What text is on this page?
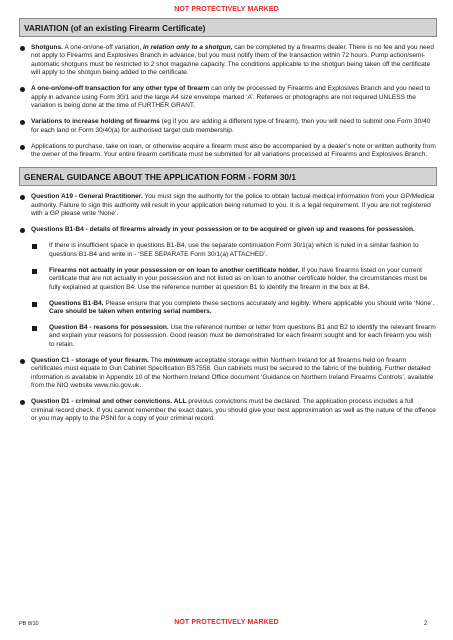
NOT PROTECTIVELY MARKED
VARIATION (of an existing Firearm Certificate)
Shotguns. A one-on/one-off variation, in relation only to a shotgun, can be completed by a firearms dealer. There is no fee and you need not apply to Firearms and Explosives Branch in advance, but you must notify them of the transaction within 72 hours. Pump action/semi-automatic shotguns must be restricted to 2 shot magazine capacity. The conditions applicable to the shotgun being taken off the certificate will apply to the shotgun being added to the certificate.
A one-on/one-off transaction for any other type of firearm can only be processed by Firearms and Explosives Branch and you need to apply in advance using Form 30/1 and the large A4 size envelope marked ‘A’. Referees or photographs are not required UNLESS the variation is being done at the time of FURTHER GRANT.
Variations to increase holding of firearms (eg if you are adding a different type of firearm), then you will need to submit one Form 30/40 for each land or Form 30/40(a) for authorised target club membership.
Applications to purchase, take on loan, or otherwise acquire a firearm must also be accompanied by a dealer’s note or written authority from the owner of the firearm. Your entire firearm certificate must be submitted for all variations processed at Firearms and Explosives Branch.
GENERAL GUIDANCE ABOUT THE APPLICATION FORM - FORM 30/1
Question A19 - General Practitioner. You must sign the authority for the police to obtain factual medical information from your GP/Medical authority. Failure to sign this authority will result in your application being returned to you. It is a legal requirement. If you are not registered with a GP please write ‘None’.
Questions B1-B4 - details of firearms already in your possession or to be acquired or given up and reasons for possession.
If there is insufficient space in questions B1-B4, use the separate continuation Form 30/1(a) which is ruled in a similar fashion to questions B1-B4 and write in - ‘SEE SEPARATE Form 30/1(a) ATTACHED’.
Firearms not actually in your possession or on loan to another certificate holder. If you have firearms listed on your current certificate that are not actually in your possession and not listed as on loan to another certificate holder, the circumstances must be fully explained at question B4. Use the reference number at question B1 to identify the firearm in the box at B4.
Questions B1-B4. Please ensure that you complete these sections accurately and legibly. Where applicable you should write ‘None’. Care should be taken when entering serial numbers.
Question B4 - reasons for possession. Use the reference number or letter from questions B1 and B2 to identify the relevant firearm and explain your reasons for possession. Good reason must be demonstrated for each firearm sought and for each firearm you wish to retain.
Question C1 - storage of your firearm. The minimum acceptable storage within Northern Ireland for all firearms held on firearm certificates must equate to Gun Cabinet Specification BS7558. Gun cabinets must be secured to the fabric of the building. Further detailed information is available in Appendix 10 of the Northern Ireland Office document ‘Guidance on Northern Ireland Firearms Controls’, available from the NIO website www.nio.gov.uk.
Question D1 - criminal and other convictions. ALL previous convictions must be declared. The application process includes a full criminal record check. If you cannot remember the exact dates, you should give your best approximation as well as the nature of the offence or you may apply to the PSNI for a copy of your criminal record.
PB 8/10	NOT PROTECTIVELY MARKED	2
